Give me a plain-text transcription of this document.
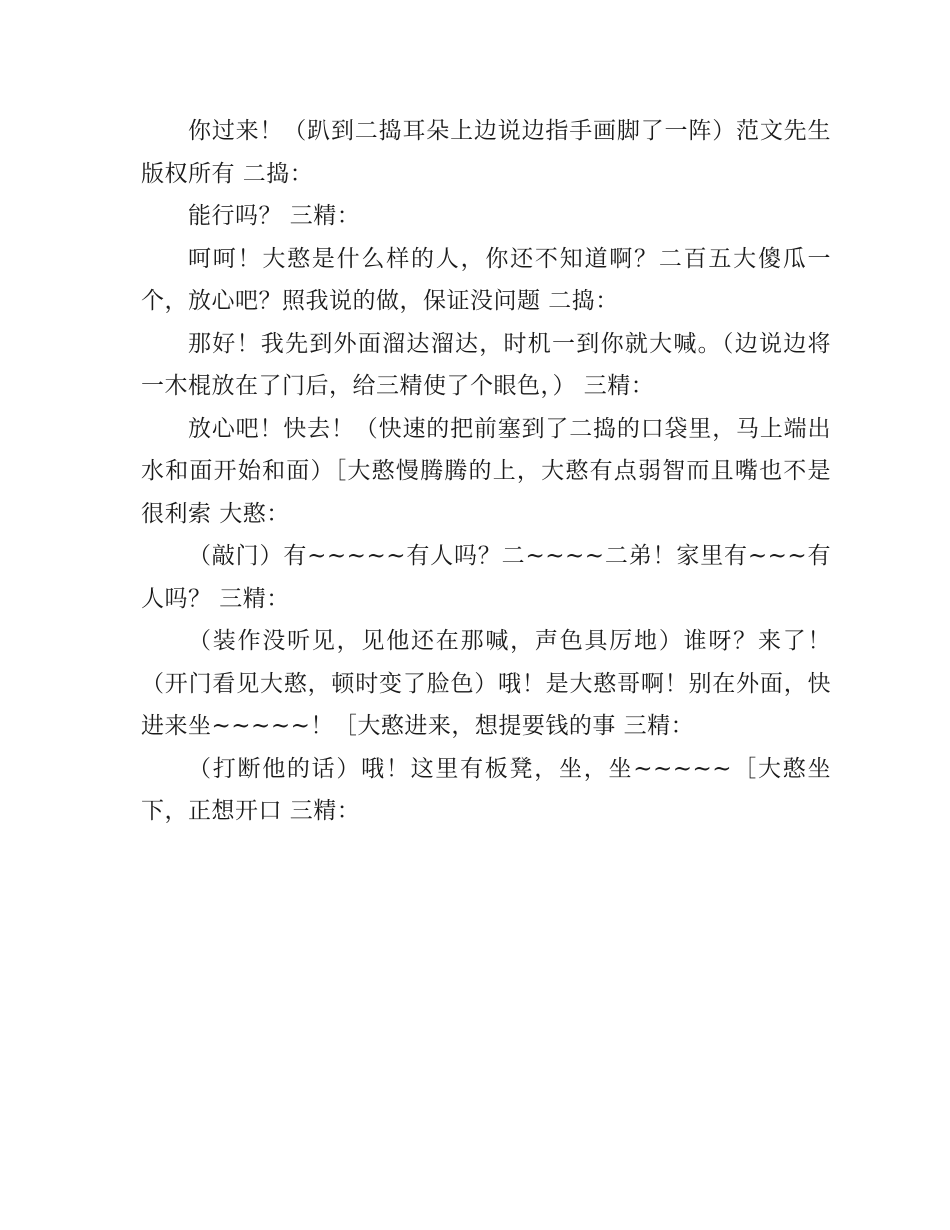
你过来！（趴到二捣耳朵上边说边指手画脚了一阵）范文先生版权所有 二捣：

能行吗？ 三精：

呵呵！大憨是什么样的人，你还不知道啊？二百五大傻瓜一个，放心吧？照我说的做，保证没问题 二捣：

那好！我先到外面溜达溜达，时机一到你就大喊。（边说边将一木棍放在了门后，给三精使了个眼色，） 三精：

放心吧！快去！（快速的把前塞到了二捣的口袋里，马上端出水和面开始和面）［大憨慢腾腾的上，大憨有点弱智而且嘴也不是很利索 大憨：

（敲门）有~~~~~有人吗？二~~~~二弟！家里有~~~有人吗？ 三精：

（装作没听见，见他还在那喊，声色具厉地）谁呀？来了！（开门看见大憨，顿时变了脸色）哦！是大憨哥啊！别在外面，快进来坐~~~~~！［大憨进来，想提要钱的事 三精：

（打断他的话）哦！这里有板凳，坐，坐~~~~~［大憨坐下，正想开口 三精：
